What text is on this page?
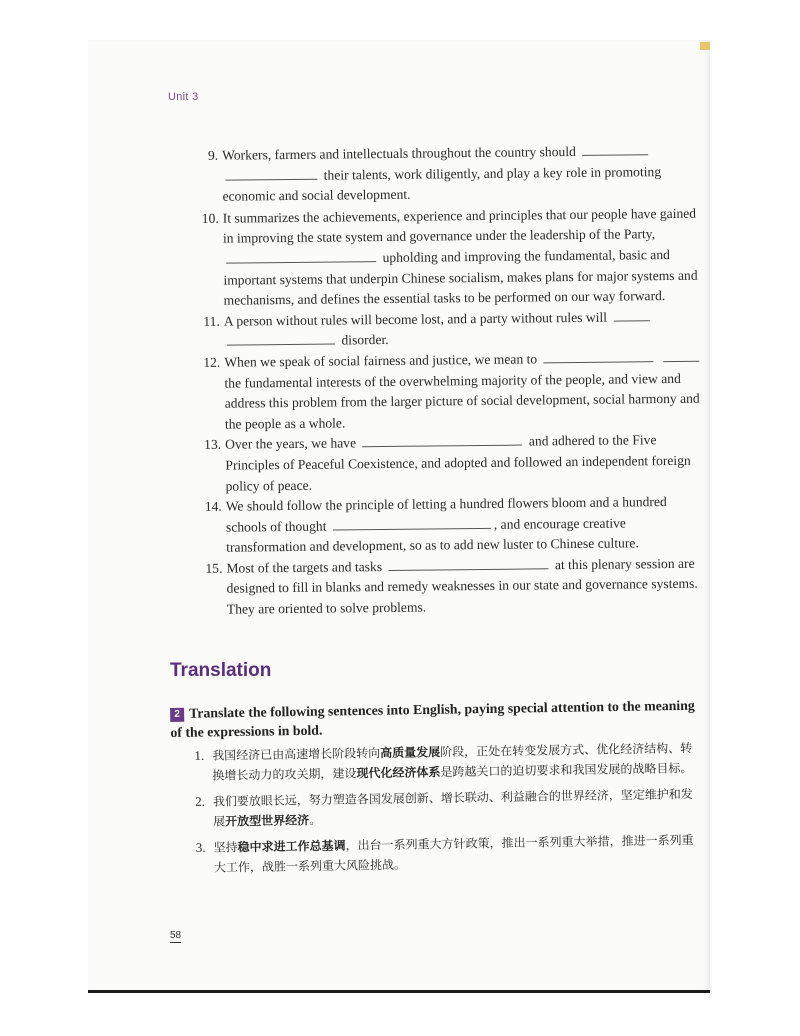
Unit 3
9. Workers, farmers and intellectuals throughout the country should   their talents, work diligently, and play a key role in promoting economic and social development.
10. It summarizes the achievements, experience and principles that our people have gained in improving the state system and governance under the leadership of the Party,  upholding and improving the fundamental, basic and important systems that underpin Chinese socialism, makes plans for major systems and mechanisms, and defines the essential tasks to be performed on our way forward.
11. A person without rules will become lost, and a party without rules will   disorder.
12. When we speak of social fairness and justice, we mean to   the fundamental interests of the overwhelming majority of the people, and view and address this problem from the larger picture of social development, social harmony and the people as a whole.
13. Over the years, we have	and adhered to the Five Principles of Peaceful Coexistence, and adopted and followed an independent foreign policy of peace.
14. We should follow the principle of letting a hundred flowers bloom and a hundred schools of thought	, and encourage creative transformation and development, so as to add new luster to Chinese culture.
15. Most of the targets and tasks	at this plenary session are designed to fill in blanks and remedy weaknesses in our state and governance systems. They are oriented to solve problems.
Translation
2 Translate the following sentences into English, paying special attention to the meaning of the expressions in bold.
1. 我国经济已由高速增长阶段转向高质量发展阶段，正处在转变发展方式、优化经济结构、转换增长动力的攻关期，建设现代化经济体系是跨越关口的迫切要求和我国发展的战略目标。
2. 我们要放眼长远，努力塑造各国发展创新、增长联动、利益融合的世界经济，坚定维护和发展开放型世界经济。
3. 坚持稳中求进工作总基调，出台一系列重大方针政策，推出一系列重大举措，推进一系列重大工作，战胜一系列重大风险挑战。
58
